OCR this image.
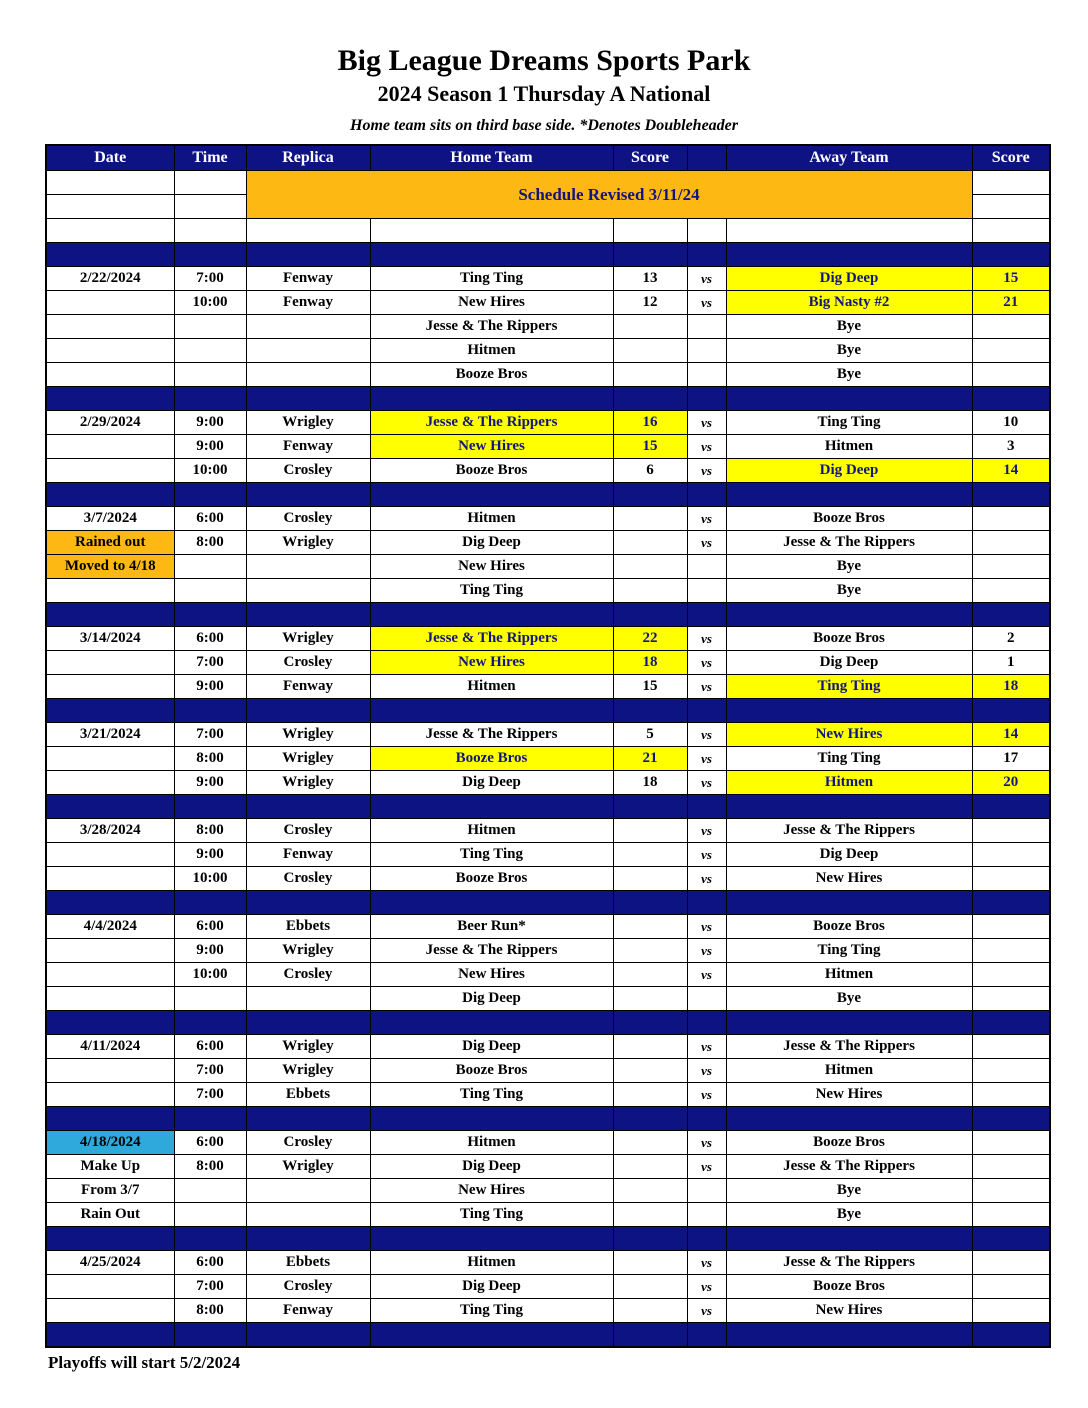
Big League Dreams Sports Park
2024 Season 1 Thursday A National
Home team sits on third base side. *Denotes Doubleheader
Date	Time	Replica	Home Team	Score		Away Team	Score
		Schedule Revised 3/11/24					

2/22/2024	7:00	Fenway	Ting Ting	13	vs	Dig Deep	15
	10:00	Fenway	New Hires	12	vs	Big Nasty #2	21
			Jesse & The Rippers			Bye	
			Hitmen			Bye	
			Booze Bros			Bye	

2/29/2024	9:00	Wrigley	Jesse & The Rippers	16	vs	Ting Ting	10
	9:00	Fenway	New Hires	15	vs	Hitmen	3
	10:00	Crosley	Booze Bros	6	vs	Dig Deep	14

3/7/2024	6:00	Crosley	Hitmen		vs	Booze Bros	
Rained out	8:00	Wrigley	Dig Deep		vs	Jesse & The Rippers	
Moved to 4/18			New Hires			Bye	
			Ting Ting			Bye	

3/14/2024	6:00	Wrigley	Jesse & The Rippers	22	vs	Booze Bros	2
	7:00	Crosley	New Hires	18	vs	Dig Deep	1
	9:00	Fenway	Hitmen	15	vs	Ting Ting	18

3/21/2024	7:00	Wrigley	Jesse & The Rippers	5	vs	New Hires	14
	8:00	Wrigley	Booze Bros	21	vs	Ting Ting	17
	9:00	Wrigley	Dig Deep	18	vs	Hitmen	20

3/28/2024	8:00	Crosley	Hitmen		vs	Jesse & The Rippers	
	9:00	Fenway	Ting Ting		vs	Dig Deep	
	10:00	Crosley	Booze Bros		vs	New Hires	

4/4/2024	6:00	Ebbets	Beer Run*		vs	Booze Bros	
	9:00	Wrigley	Jesse & The Rippers		vs	Ting Ting	
	10:00	Crosley	New Hires		vs	Hitmen	
			Dig Deep			Bye	

4/11/2024	6:00	Wrigley	Dig Deep		vs	Jesse & The Rippers	
	7:00	Wrigley	Booze Bros		vs	Hitmen	
	7:00	Ebbets	Ting Ting		vs	New Hires	

4/18/2024	6:00	Crosley	Hitmen		vs	Booze Bros	
Make Up	8:00	Wrigley	Dig Deep		vs	Jesse & The Rippers	
From 3/7			New Hires			Bye	
Rain Out			Ting Ting			Bye	

4/25/2024	6:00	Ebbets	Hitmen		vs	Jesse & The Rippers	
	7:00	Crosley	Dig Deep		vs	Booze Bros	
	8:00	Fenway	Ting Ting		vs	New Hires	

Playoffs will start 5/2/2024
